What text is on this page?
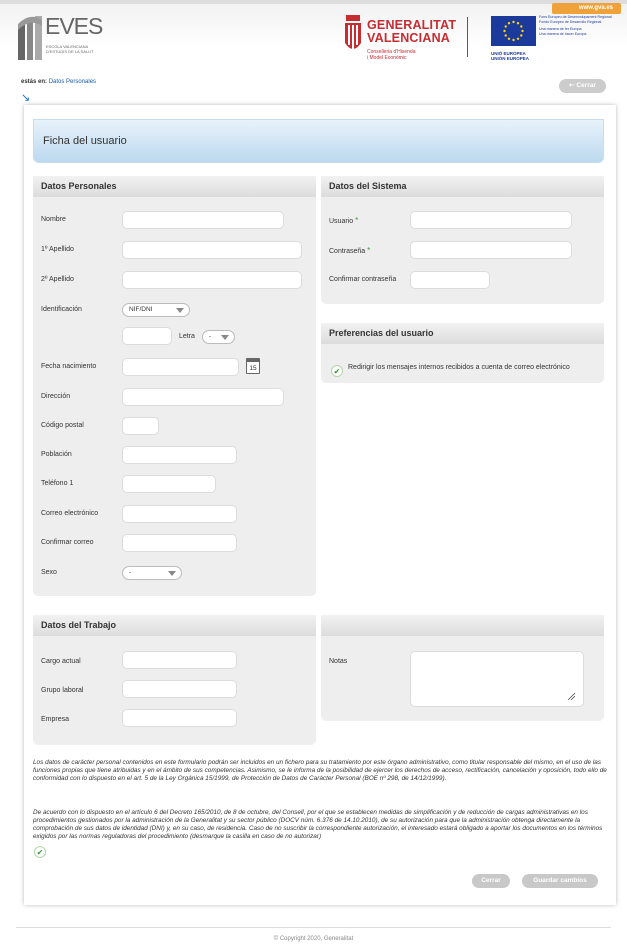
www.gva.es
EVES
ESCOLA VALENCIANA D'ESTUDIS DE LA SALUT
GENERALITAT
VALENCIANA
Conselleria d'Hisenda
i Model Econòmic
Fons Europeu de Desenvolupament Regional
Fondo Europeo de Desarrollo Regional
Una manera de fer Europa
Una manera de hacer Europa
UNIÓ EUROPEA
UNIÓN EUROPEA
estás en: Datos Personales
↘
⇠ Cerrar
Ficha del usuario
Datos Personales
Nombre
1º Apellido
2º Apellido
Identificación	NIF/DNI
Letra	-
Fecha nacimiento	15
Dirección
Código postal
Población
Teléfono 1
Correo electrónico
Confirmar correo
Sexo	-
Datos del Sistema
Usuario *
Contraseña *
Confirmar contraseña
Preferencias del usuario
✔	Redirigir los mensajes internos recibidos a cuenta de correo electrónico
Datos del Trabajo
Cargo actual
Grupo laboral
Empresa
Notas
Los datos de carácter personal contenidos en este formulario podrán ser incluidos en un fichero para su tratamiento por este órgano administrativo, como titular responsable del mismo, en el uso de las funciones propias que tiene atribuidas y en el ámbito de sus competencias. Asimismo, se le informa de la posibilidad de ejercer los derechos de acceso, rectificación, cancelación y oposición, todo ello de conformidad con lo dispuesto en el art. 5 de la Ley Orgánica 15/1999, de Protección de Datos de Carácter Personal (BOE nº 298, de 14/12/1999).
De acuerdo con lo dispuesto en el artículo 6 del Decreto 165/2010, de 8 de octubre, del Consell, por el que se establecen medidas de simplificación y de reducción de cargas administrativas en los procedimientos gestionados por la administración de la Generalitat y su sector público (DOCV núm. 6.376 de 14.10.2010), de su autorización para que la administración obtenga directamente la comprobación de sus datos de identidad (DNI) y, en su caso, de residencia. Caso de no suscribir la correspondiente autorización, el interesado estará obligado a aportar los documentos en los términos exigidos por las normas reguladoras del procedimiento (desmarque la casilla en caso de no autorizar)
✔
Cerrar	Guardar cambios
© Copyright 2020, Generalitat
